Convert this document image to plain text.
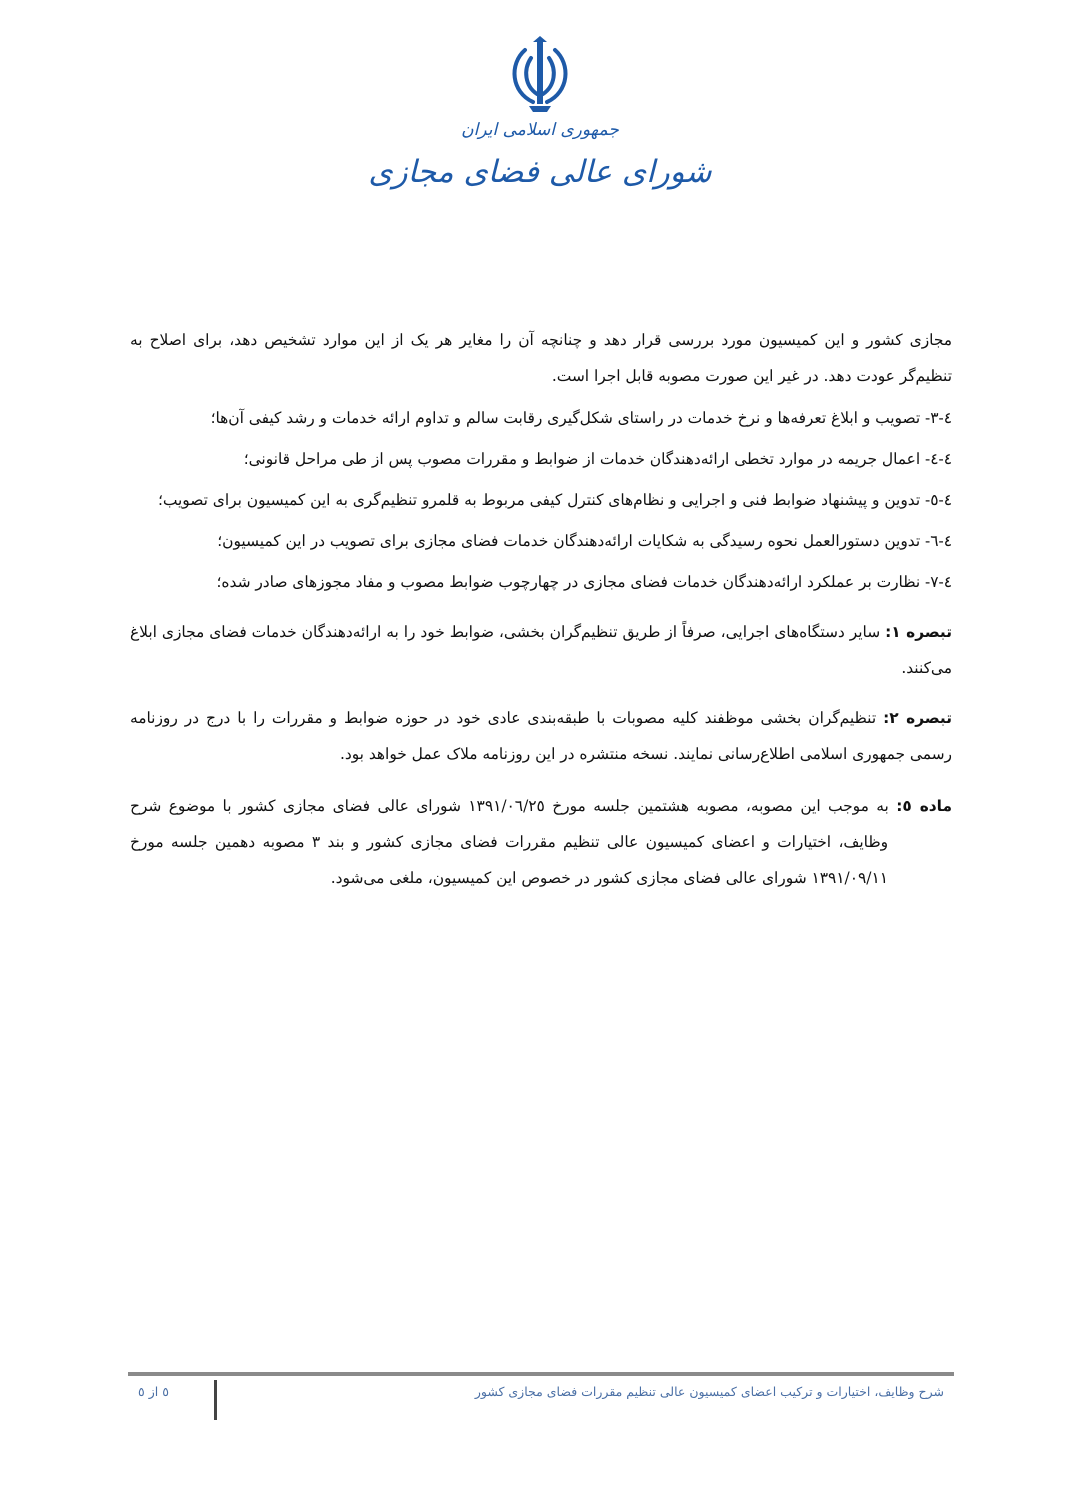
جمهوری اسلامی ایران
شورای عالی فضای مجازی

مجازی کشور و این کمیسیون مورد بررسی قرار دهد و چنانچه آن را مغایر هر یک از این موارد تشخیص دهد، برای اصلاح به تنظیم‌گر عودت دهد. در غیر این صورت مصوبه قابل اجرا است.

٤-٣- تصویب و ابلاغ تعرفه‌ها و نرخ خدمات در راستای شکل‌گیری رقابت سالم و تداوم ارائه خدمات و رشد کیفی آن‌ها؛

٤-٤- اعمال جریمه در موارد تخطی ارائه‌دهندگان خدمات از ضوابط و مقررات مصوب پس از طی مراحل قانونی؛

٤-٥- تدوین و پیشنهاد ضوابط فنی و اجرایی و نظام‌های کنترل کیفی مربوط به قلمرو تنظیم‌گری به این کمیسیون برای تصویب؛

٤-٦- تدوین دستورالعمل نحوه رسیدگی به شکایات ارائه‌دهندگان خدمات فضای مجازی برای تصویب در این کمیسیون؛

٤-٧- نظارت بر عملکرد ارائه‌دهندگان خدمات فضای مجازی در چهارچوب ضوابط مصوب و مفاد مجوزهای صادر شده؛

تبصره ١: سایر دستگاه‌های اجرایی، صرفاً از طریق تنظیم‌گران بخشی، ضوابط خود را به ارائه‌دهندگان خدمات فضای مجازی ابلاغ می‌کنند.

تبصره ٢: تنظیم‌گران بخشی موظفند کلیه مصوبات با طبقه‌بندی عادی خود در حوزه ضوابط و مقررات را با درج در روزنامه رسمی جمهوری اسلامی اطلاع‌رسانی نمایند. نسخه منتشره در این روزنامه ملاک عمل خواهد بود.

ماده ٥: به موجب این مصوبه، مصوبه هشتمین جلسه مورخ ١٣٩١/٠٦/٢٥ شورای عالی فضای مجازی کشور با موضوع شرح وظایف، اختیارات و اعضای کمیسیون عالی تنظیم مقررات فضای مجازی کشور و بند ٣ مصوبه دهمین جلسه مورخ ١٣٩١/٠٩/١١ شورای عالی فضای مجازی کشور در خصوص این کمیسیون، ملغی می‌شود.

شرح وظایف، اختیارات و ترکیب اعضای کمیسیون عالی تنظیم مقررات فضای مجازی کشور
٥ از ٥
